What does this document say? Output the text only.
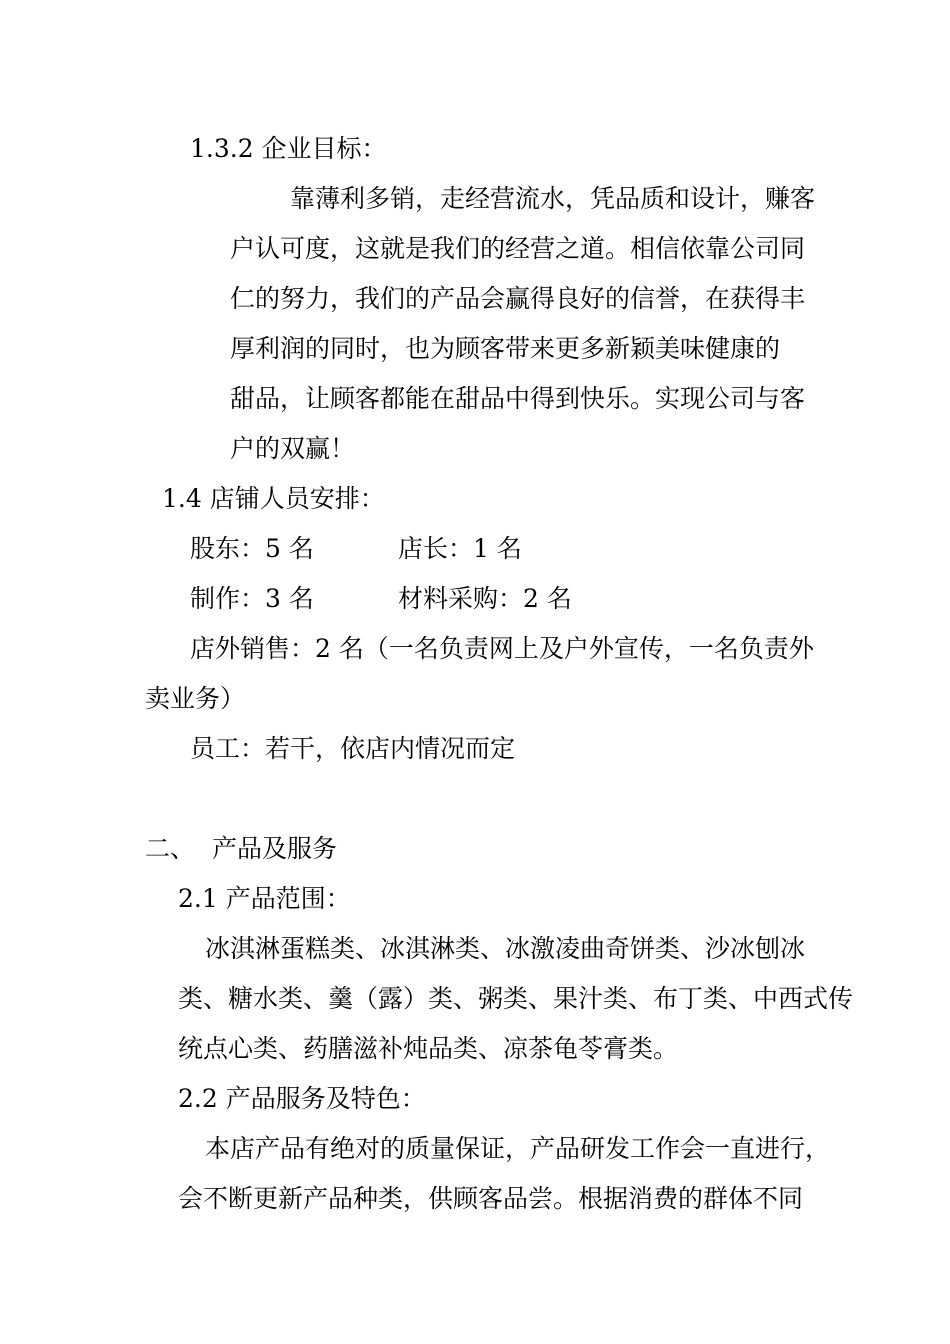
1.3.2 企业目标：
靠薄利多销，走经营流水，凭品质和设计，赚客
户认可度，这就是我们的经营之道。相信依靠公司同
仁的努力，我们的产品会赢得良好的信誉，在获得丰
厚利润的同时，也为顾客带来更多新颖美味健康的
甜品，让顾客都能在甜品中得到快乐。实现公司与客
户的双赢！
1.4 店铺人员安排：
股东：5 名	店长：1 名
制作：3 名	材料采购：2 名
店外销售：2 名（一名负责网上及户外宣传，一名负责外
卖业务）
员工：若干，依店内情况而定
二、 产品及服务
2.1 产品范围：
冰淇淋蛋糕类、冰淇淋类、冰激凌曲奇饼类、沙冰刨冰
类、糖水类、羹（露）类、粥类、果汁类、布丁类、中西式传
统点心类、药膳滋补炖品类、凉茶龟苓膏类。
2.2 产品服务及特色：
本店产品有绝对的质量保证，产品研发工作会一直进行，
会不断更新产品种类，供顾客品尝。根据消费的群体不同
